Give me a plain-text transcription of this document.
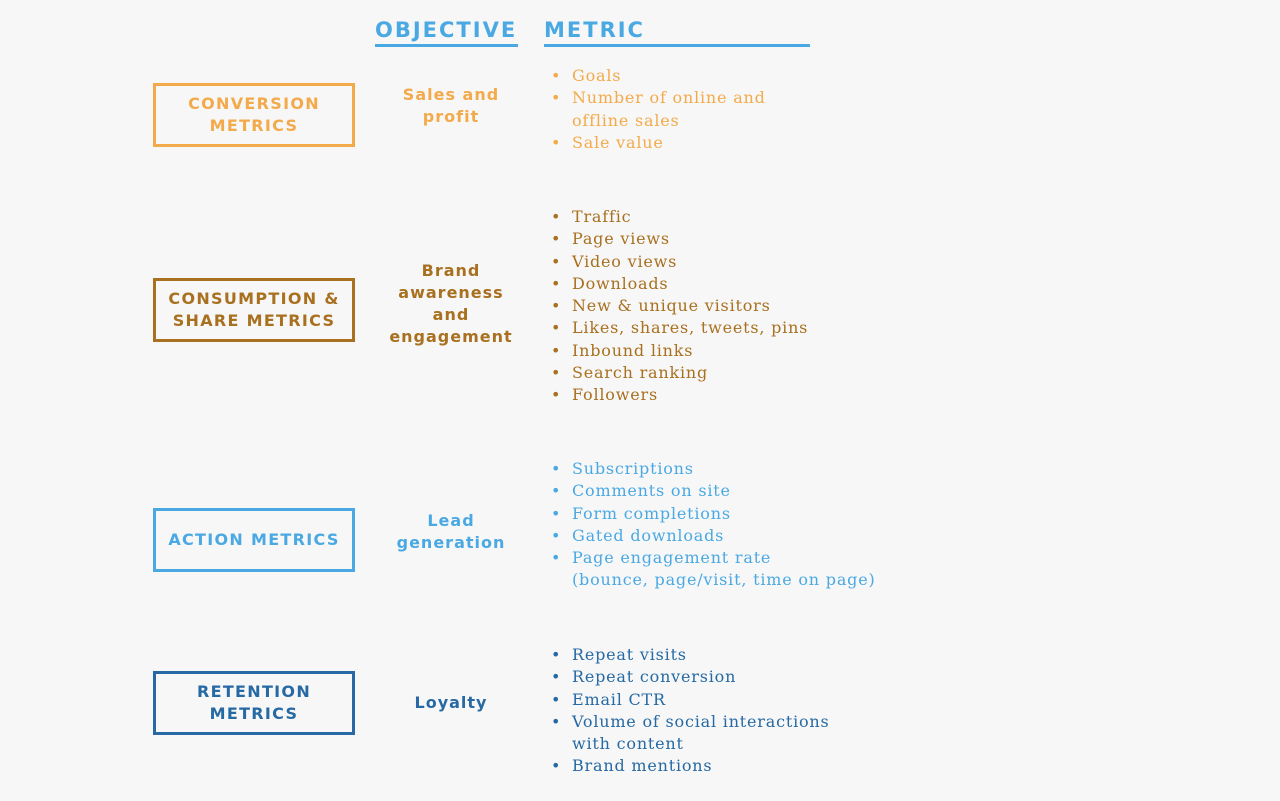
OBJECTIVE METRIC
CONVERSION
METRICS
Sales and
profit
• Goals
• Number of online and
offline sales
• Sale value
CONSUMPTION &
SHARE METRICS
Brand
awareness
and
engagement
• Traffic
• Page views
• Video views
• Downloads
• New & unique visitors
• Likes, shares, tweets, pins
• Inbound links
• Search ranking
• Followers
ACTION METRICS
Lead
generation
• Subscriptions
• Comments on site
• Form completions
• Gated downloads
• Page engagement rate
(bounce, page/visit, time on page)
RETENTION
METRICS
Loyalty
• Repeat visits
• Repeat conversion
• Email CTR
• Volume of social interactions
with content
• Brand mentions
